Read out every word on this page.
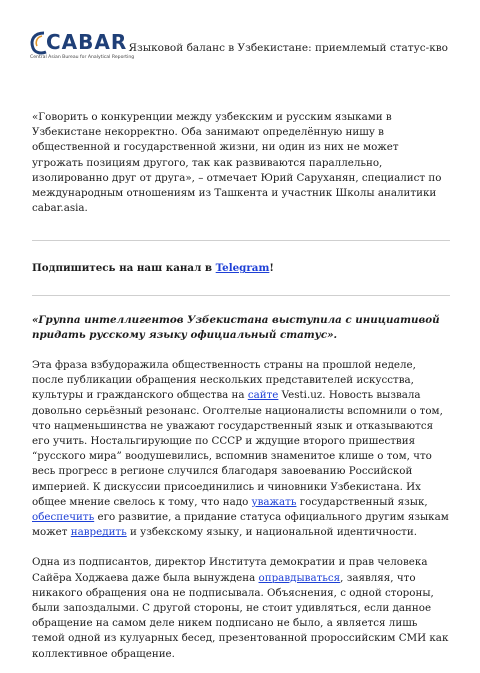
CABAR
Central Asian Bureau for Analytical Reporting
Языковой баланс в Узбекистане: приемлемый статус-кво

«Говорить о конкуренции между узбекским и русским языками в Узбекистане некорректно. Оба занимают определённую нишу в общественной и государственной жизни, ни один из них не может угрожать позициям другого, так как развиваются параллельно, изолированно друг от друга», – отмечает Юрий Саруханян, специалист по международным отношениям из Ташкента и участник Школы аналитики cabar.asia.

Подпишитесь на наш канал в Telegram!

«Группа интеллигентов Узбекистана выступила с инициативой придать русскому языку официальный статус».

Эта фраза взбудоражила общественность страны на прошлой неделе, после публикации обращения нескольких представителей искусства, культуры и гражданского общества на сайте Vesti.uz. Новость вызвала довольно серьёзный резонанс. Оголтелые националисты вспомнили о том, что нацменьшинства не уважают государственный язык и отказываются его учить. Ностальгирующие по СССР и ждущие второго пришествия “русского мира” воодушевились, вспомнив знаменитое клише о том, что весь прогресс в регионе случился благодаря завоеванию Российской империей. К дискуссии присоединились и чиновники Узбекистана. Их общее мнение свелось к тому, что надо уважать государственный язык, обеспечить его развитие, а придание статуса официального другим языкам может навредить и узбекскому языку, и национальной идентичности.

Одна из подписантов, директор Института демократии и прав человека Сайёра Ходжаева даже была вынуждена оправдываться, заявляя, что никакого обращения она не подписывала. Объяснения, с одной стороны, были запоздалыми. С другой стороны, не стоит удивляться, если данное обращение на самом деле никем подписано не было, а является лишь темой одной из кулуарных бесед, презентованной пророссийским СМИ как коллективное обращение.
